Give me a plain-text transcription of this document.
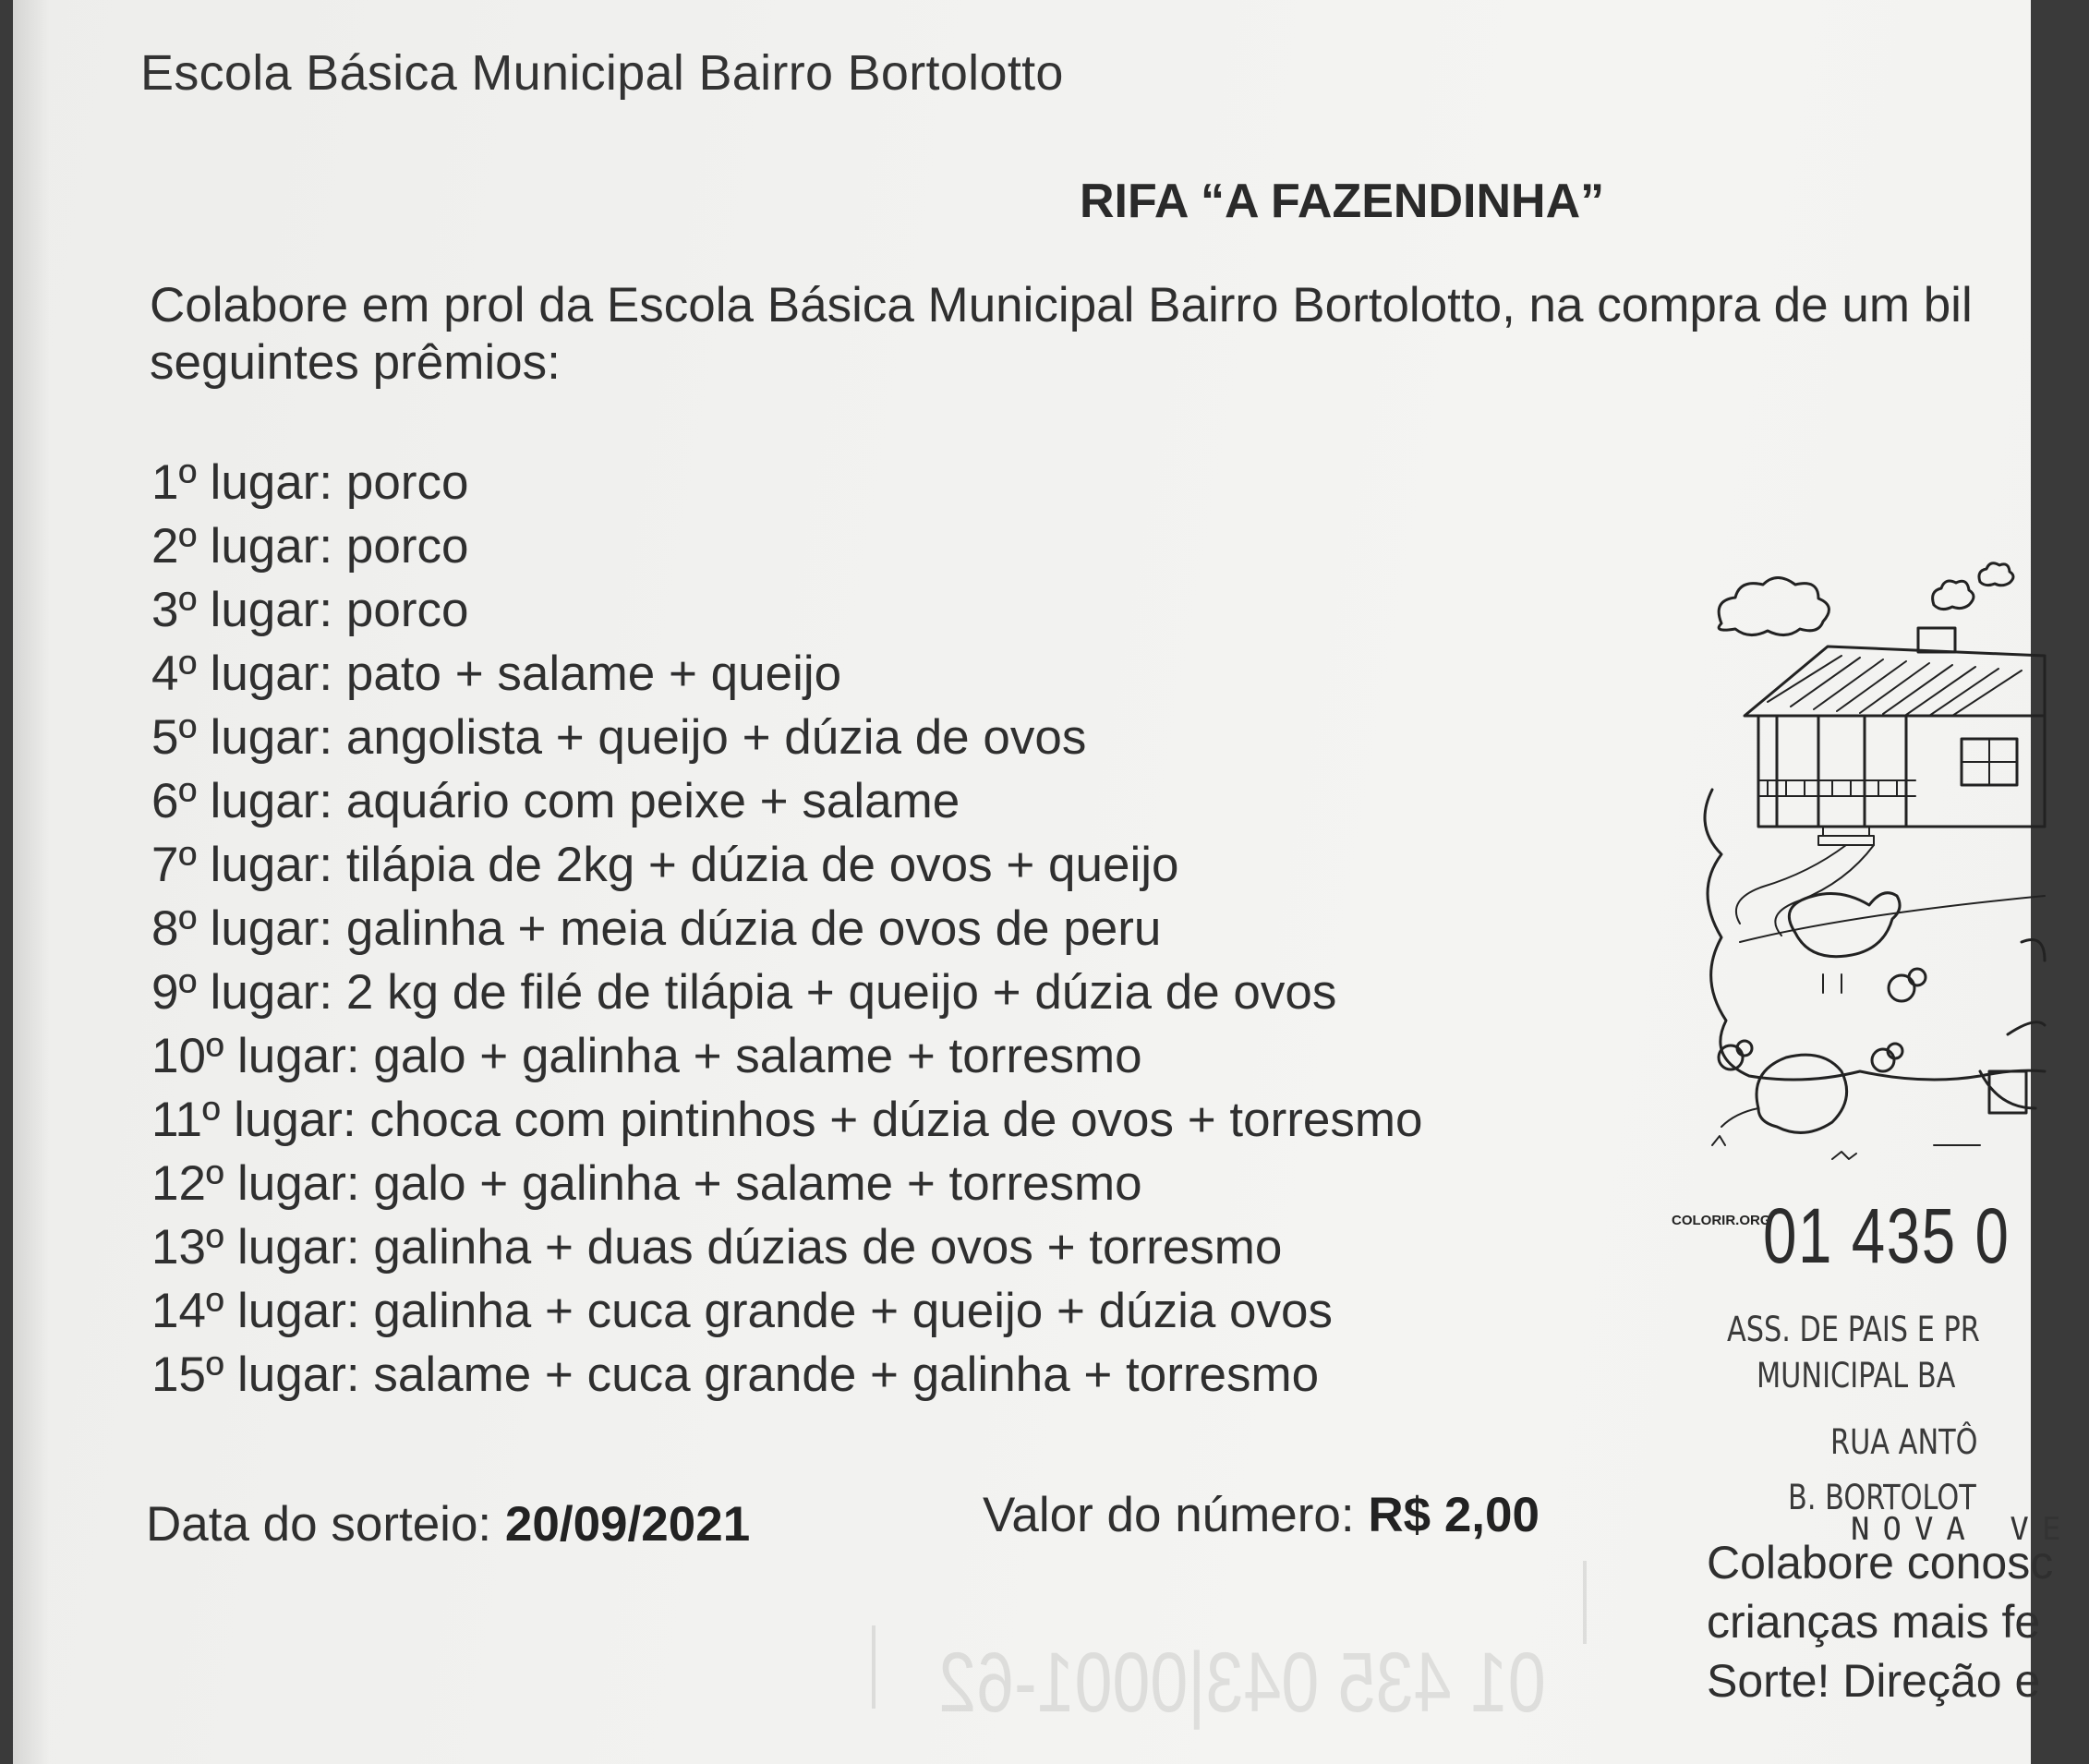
Escola Básica Municipal Bairro Bortolotto
RIFA “A FAZENDINHA”
Colabore em prol da Escola Básica Municipal Bairro Bortolotto, na compra de um bil
seguintes prêmios:
1º lugar: porco
2º lugar: porco
3º lugar: porco
4º lugar: pato + salame + queijo
5º lugar: angolista + queijo + dúzia de ovos
6º lugar: aquário com peixe + salame
7º lugar: tilápia de 2kg + dúzia de ovos + queijo
8º lugar: galinha + meia dúzia de ovos de peru
9º lugar: 2 kg de filé de tilápia + queijo + dúzia de ovos
10º lugar: galo + galinha + salame + torresmo
11º lugar: choca com pintinhos + dúzia de ovos + torresmo
12º lugar: galo + galinha + salame + torresmo
13º lugar: galinha + duas dúzias de ovos + torresmo
14º lugar: galinha + cuca grande + queijo + dúzia ovos
15º lugar: salame + cuca grande + galinha + torresmo
Data do sorteio: 20/09/2021	Valor do número: R$ 2,00
COLORIR.ORG
01 435 0
ASS. DE PAIS E PR
MUNICIPAL BA
RUA ANTÔ
B. BORTOLOT
NOVA VE
Colabore conosc
crianças mais fe
Sorte! Direção e
01 435 043|0001-62
